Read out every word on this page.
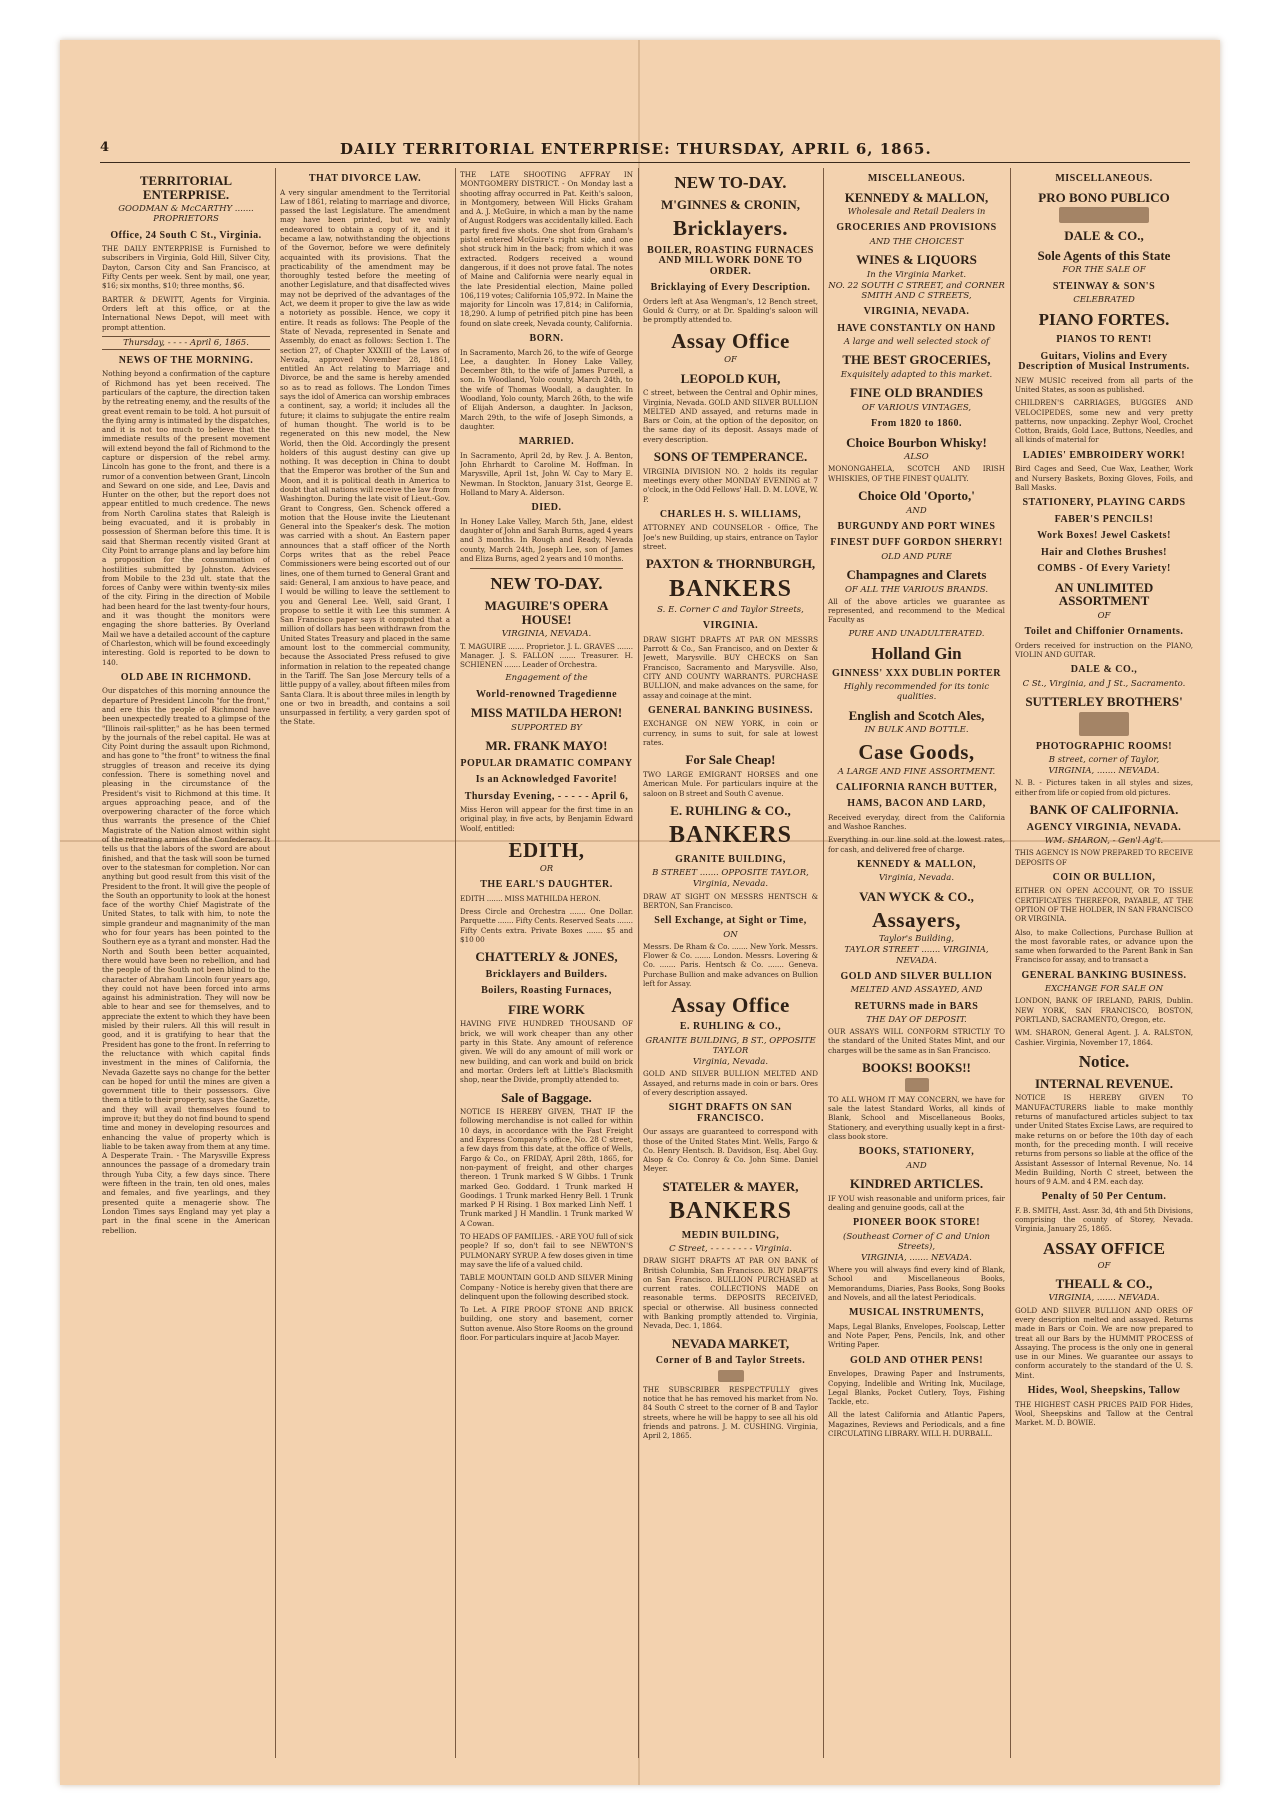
4	DAILY TERRITORIAL ENTERPRISE: THURSDAY, APRIL 6, 1865.
TERRITORIAL ENTERPRISE.
GOODMAN & McCARTHY ....... PROPRIETORS
Office, 24 South C St., Virginia.
THE DAILY ENTERPRISE is Furnished to subscribers in Virginia, Gold Hill, Silver City, Dayton, Carson City and San Francisco, at Fifty Cents per week. Sent by mail, one year, $16; six months, $10; three months, $6.
BARTER & DEWITT, Agents for Virginia. Orders left at this office, or at the International News Depot, will meet with prompt attention.
Thursday, - - - - April 6, 1865.
NEWS OF THE MORNING.
Nothing beyond a confirmation of the capture of Richmond has yet been received. The particulars of the capture, the direction taken by the retreating enemy, and the results of the great event remain to be told. A hot pursuit of the flying army is intimated by the dispatches, and it is not too much to believe that the immediate results of the present movement will extend beyond the fall of Richmond to the capture or dispersion of the rebel army. Lincoln has gone to the front, and there is a rumor of a convention between Grant, Lincoln and Seward on one side, and Lee, Davis and Hunter on the other, but the report does not appear entitled to much credence. The news from North Carolina states that Raleigh is being evacuated, and it is probably in possession of Sherman before this time. It is said that Sherman recently visited Grant at City Point to arrange plans and lay before him a proposition for the consummation of hostilities submitted by Johnston. Advices from Mobile to the 23d ult. state that the forces of Canby were within twenty-six miles of the city. Firing in the direction of Mobile had been heard for the last twenty-four hours, and it was thought the monitors were engaging the shore batteries. By Overland Mail we have a detailed account of the capture of Charleston, which will be found exceedingly interesting. Gold is reported to be down to 140.
OLD ABE IN RICHMOND.
Our dispatches of this morning announce the departure of President Lincoln "for the front," and ere this the people of Richmond have been unexpectedly treated to a glimpse of the "Illinois rail-splitter," as he has been termed by the journals of the rebel capital. He was at City Point during the assault upon Richmond, and has gone to "the front" to witness the final struggles of treason and receive its dying confession. There is something novel and pleasing in the circumstance of the President's visit to Richmond at this time. It argues approaching peace, and of the overpowering character of the force which thus warrants the presence of the Chief Magistrate of the Nation almost within sight of the retreating armies of the Confederacy. It tells us that the labors of the sword are about finished, and that the task will soon be turned over to the statesman for completion. Nor can anything but good result from this visit of the President to the front. It will give the people of the South an opportunity to look at the honest face of the worthy Chief Magistrate of the United States, to talk with him, to note the simple grandeur and magnanimity of the man who for four years has been pointed to the Southern eye as a tyrant and monster. Had the North and South been better acquainted, there would have been no rebellion, and had the people of the South not been blind to the character of Abraham Lincoln four years ago, they could not have been forced into arms against his administration. They will now be able to hear and see for themselves, and to appreciate the extent to which they have been misled by their rulers. All this will result in good, and it is gratifying to hear that the President has gone to the front. In referring to the reluctance with which capital finds investment in the mines of California, the Nevada Gazette says no change for the better can be hoped for until the mines are given a government title to their possessors. Give them a title to their property, says the Gazette, and they will avail themselves found to improve it; but they do not find bound to spend time and money in developing resources and enhancing the value of property which is liable to be taken away from them at any time. A Desperate Train. - The Marysville Express announces the passage of a dromedary train through Yuba City, a few days since. There were fifteen in the train, ten old ones, males and females, and five yearlings, and they presented quite a menagerie show. The London Times says England may yet play a part in the final scene in the American rebellion.
THAT DIVORCE LAW.
A very singular amendment to the Territorial Law of 1861, relating to marriage and divorce, passed the last Legislature. The amendment may have been printed, but we vainly endeavored to obtain a copy of it, and it became a law, notwithstanding the objections of the Governor, before we were definitely acquainted with its provisions. That the practicability of the amendment may be thoroughly tested before the meeting of another Legislature, and that disaffected wives may not be deprived of the advantages of the Act, we deem it proper to give the law as wide a notoriety as possible. Hence, we copy it entire. It reads as follows: The People of the State of Nevada, represented in Senate and Assembly, do enact as follows: Section 1. The section 27, of Chapter XXXIII of the Laws of Nevada, approved November 28, 1861, entitled An Act relating to Marriage and Divorce, be and the same is hereby amended so as to read as follows. The London Times says the idol of America can worship embraces a continent, say, a world; it includes all the future; it claims to subjugate the entire realm of human thought. The world is to be regenerated on this new model, the New World, then the Old. Accordingly the present holders of this august destiny can give up nothing. It was deception in China to doubt that the Emperor was brother of the Sun and Moon, and it is political death in America to doubt that all nations will receive the law from Washington. During the late visit of Lieut.-Gov. Grant to Congress, Gen. Schenck offered a motion that the House invite the Lieutenant General into the Speaker's desk. The motion was carried with a shout. An Eastern paper announces that a staff officer of the North Corps writes that as the rebel Peace Commissioners were being escorted out of our lines, one of them turned to General Grant and said: General, I am anxious to have peace, and I would be willing to leave the settlement to you and General Lee. Well, said Grant, I propose to settle it with Lee this summer. A San Francisco paper says it computed that a million of dollars has been withdrawn from the United States Treasury and placed in the same amount lost to the commercial community, because the Associated Press refused to give information in relation to the repeated change in the Tariff. The San Jose Mercury tells of a little puppy of a valley, about fifteen miles from Santa Clara. It is about three miles in length by one or two in breadth, and contains a soil unsurpassed in fertility, a very garden spot of the State.
THE LATE SHOOTING AFFRAY IN MONTGOMERY DISTRICT. - On Monday last a shooting affray occurred in Pat. Keith's saloon, in Montgomery, between Will Hicks Graham and A. J. McGuire, in which a man by the name of August Rodgers was accidentally killed. Each party fired five shots. One shot from Graham's pistol entered McGuire's right side, and one shot struck him in the back; from which it was extracted. Rodgers received a wound dangerous, if it does not prove fatal. The notes of Maine and California were nearly equal in the late Presidential election, Maine polled 106,119 votes; California 105,972. In Maine the majority for Lincoln was 17,814; in California, 18,290. A lump of petrified pitch pine has been found on slate creek, Nevada county, California.
BORN.
In Sacramento, March 26, to the wife of George Lee, a daughter. In Honey Lake Valley, December 8th, to the wife of James Purcell, a son. In Woodland, Yolo county, March 24th, to the wife of Thomas Woodall, a daughter. In Woodland, Yolo county, March 26th, to the wife of Elijah Anderson, a daughter. In Jackson, March 29th, to the wife of Joseph Simonds, a daughter.
MARRIED.
In Sacramento, April 2d, by Rev. J. A. Benton, John Ehrhardt to Caroline M. Hoffman. In Marysville, April 1st, John W. Cay to Mary E. Newman. In Stockton, January 31st, George E. Holland to Mary A. Alderson.
DIED.
In Honey Lake Valley, March 5th, Jane, eldest daughter of John and Sarah Burns, aged 4 years and 3 months. In Rough and Ready, Nevada county, March 24th, Joseph Lee, son of James and Eliza Burns, aged 2 years and 10 months.
NEW TO-DAY.
MAGUIRE'S OPERA HOUSE!
VIRGINIA, NEVADA.
T. MAGUIRE ....... Proprietor. J. L. GRAVES ....... Manager. J. S. FALLON ....... Treasurer. H. SCHIENEN ....... Leader of Orchestra.
Engagement of the
World-renowned Tragedienne
MISS MATILDA HERON!
SUPPORTED BY
MR. FRANK MAYO!
POPULAR DRAMATIC COMPANY
Is an Acknowledged Favorite!
Thursday Evening, - - - - - April 6,
Miss Heron will appear for the first time in an original play, in five acts, by Benjamin Edward Woolf, entitled:
EDITH,
OR
THE EARL'S DAUGHTER.
EDITH ....... MISS MATHILDA HERON.
Dress Circle and Orchestra ....... One Dollar. Parquette ....... Fifty Cents. Reserved Seats ....... Fifty Cents extra. Private Boxes ....... $5 and $10 00
CHATTERLY & JONES,
Bricklayers and Builders.
Boilers, Roasting Furnaces,
FIRE WORK
HAVING FIVE HUNDRED THOUSAND OF brick, we will work cheaper than any other party in this State. Any amount of reference given. We will do any amount of mill work or new building, and can work and build on brick and mortar. Orders left at Little's Blacksmith shop, near the Divide, promptly attended to.
Sale of Baggage.
NOTICE IS HEREBY GIVEN, THAT IF the following merchandise is not called for within 10 days, in accordance with the Fast Freight and Express Company's office, No. 28 C street, a few days from this date, at the office of Wells, Fargo & Co., on FRIDAY, April 28th, 1865, for non-payment of freight, and other charges thereon. 1 Trunk marked S W Gibbs. 1 Trunk marked Geo. Goddard. 1 Trunk marked H Goodings. 1 Trunk marked Henry Bell. 1 Trunk marked P H Rising. 1 Box marked Linh Neff. 1 Trunk marked J H Mandlin. 1 Trunk marked W A Cowan.
TO HEADS OF FAMILIES. - ARE YOU full of sick people? If so, don't fail to see NEWTON'S PULMONARY SYRUP. A few doses given in time may save the life of a valued child.
TABLE MOUNTAIN GOLD AND SILVER Mining Company - Notice is hereby given that there are delinquent upon the following described stock.
To Let. A FIRE PROOF STONE AND BRICK building, one story and basement, corner Sutton avenue. Also Store Rooms on the ground floor. For particulars inquire at Jacob Mayer.
NEW TO-DAY.
M'GINNES & CRONIN,
Bricklayers.
BOILER, ROASTING FURNACES AND MILL WORK DONE TO ORDER.
Bricklaying of Every Description.
Orders left at Asa Wengman's, 12 Bench street, Gould & Curry, or at Dr. Spalding's saloon will be promptly attended to.
Assay Office
OF
LEOPOLD KUH,
C street, between the Central and Ophir mines, Virginia, Nevada. GOLD AND SILVER BULLION MELTED AND assayed, and returns made in Bars or Coin, at the option of the depositor, on the same day of its deposit. Assays made of every description.
SONS OF TEMPERANCE.
VIRGINIA DIVISION NO. 2 holds its regular meetings every other MONDAY EVENING at 7 o'clock, in the Odd Fellows' Hall. D. M. LOVE, W. P.
CHARLES H. S. WILLIAMS,
ATTORNEY AND COUNSELOR - Office, The Joe's new Building, up stairs, entrance on Taylor street.
PAXTON & THORNBURGH,
BANKERS
S. E. Corner C and Taylor Streets,
VIRGINIA.
DRAW SIGHT DRAFTS AT PAR ON MESSRS Parrott & Co., San Francisco, and on Dexter & Jewett, Marysville. BUY CHECKS on San Francisco, Sacramento and Marysville. Also, CITY AND COUNTY WARRANTS. PURCHASE BULLION, and make advances on the same, for assay and coinage at the mint.
GENERAL BANKING BUSINESS.
EXCHANGE ON NEW YORK, in coin or currency, in sums to suit, for sale at lowest rates.
For Sale Cheap!
TWO LARGE EMIGRANT HORSES and one American Mule. For particulars inquire at the saloon on B street and South C avenue.
E. RUHLING & CO.,
BANKERS
GRANITE BUILDING,
B STREET ....... OPPOSITE TAYLOR,
Virginia, Nevada.
DRAW AT SIGHT ON MESSRS HENTSCH & BERTON, San Francisco.
Sell Exchange, at Sight or Time,
ON
Messrs. De Rham & Co. ....... New York. Messrs. Flower & Co. ....... London. Messrs. Lovering & Co. ....... Paris. Hentsch & Co. ....... Geneva. Purchase Bullion and make advances on Bullion left for Assay.
Assay Office
E. RUHLING & CO.,
GRANITE BUILDING, B ST., OPPOSITE TAYLOR
Virginia, Nevada.
GOLD AND SILVER BULLION MELTED AND Assayed, and returns made in coin or bars. Ores of every description assayed.
SIGHT DRAFTS ON SAN FRANCISCO.
Our assays are guaranteed to correspond with those of the United States Mint. Wells, Fargo & Co. Henry Hentsch. B. Davidson, Esq. Abel Guy. Alsop & Co. Conroy & Co. John Sime. Daniel Meyer.
STATELER & MAYER,
BANKERS
MEDIN BUILDING,
C Street, - - - - - - - - Virginia.
DRAW SIGHT DRAFTS AT PAR ON BANK of British Columbia, San Francisco. BUY DRAFTS on San Francisco. BULLION PURCHASED at current rates. COLLECTIONS MADE on reasonable terms. DEPOSITS RECEIVED, special or otherwise. All business connected with Banking promptly attended to. Virginia, Nevada, Dec. 1, 1864.
NEVADA MARKET,
Corner of B and Taylor Streets.
THE SUBSCRIBER RESPECTFULLY gives notice that he has removed his market from No. 84 South C street to the corner of B and Taylor streets, where he will be happy to see all his old friends and patrons. J. M. CUSHING. Virginia, April 2, 1865.
MISCELLANEOUS.
KENNEDY & MALLON,
Wholesale and Retail Dealers in
GROCERIES AND PROVISIONS
AND THE CHOICEST
WINES & LIQUORS
In the Virginia Market.
NO. 22 SOUTH C STREET, and CORNER SMITH AND C STREETS,
VIRGINIA, NEVADA.
HAVE CONSTANTLY ON HAND
A large and well selected stock of
THE BEST GROCERIES,
Exquisitely adapted to this market.
FINE OLD BRANDIES
OF VARIOUS VINTAGES,
From 1820 to 1860.
Choice Bourbon Whisky!
ALSO
MONONGAHELA, SCOTCH AND IRISH WHISKIES, OF THE FINEST QUALITY.
Choice Old 'Oporto,'
AND
BURGUNDY AND PORT WINES
FINEST DUFF GORDON SHERRY!
OLD AND PURE
Champagnes and Clarets
OF ALL THE VARIOUS BRANDS.
All of the above articles we guarantee as represented, and recommend to the Medical Faculty as
PURE AND UNADULTERATED.
Holland Gin
GINNESS' XXX DUBLIN PORTER
Highly recommended for its tonic qualities.
English and Scotch Ales,
IN BULK AND BOTTLE.
Case Goods,
A LARGE AND FINE ASSORTMENT.
CALIFORNIA RANCH BUTTER,
HAMS, BACON AND LARD,
Received everyday, direct from the California and Washoe Ranches.
Everything in our line sold at the lowest rates, for cash, and delivered free of charge.
KENNEDY & MALLON,
Virginia, Nevada.
VAN WYCK & CO.,
Assayers,
Taylor's Building,
TAYLOR STREET ....... VIRGINIA, NEVADA.
GOLD AND SILVER BULLION
MELTED AND ASSAYED, AND
RETURNS made in BARS
THE DAY OF DEPOSIT.
OUR ASSAYS WILL CONFORM STRICTLY TO the standard of the United States Mint, and our charges will be the same as in San Francisco.
BOOKS! BOOKS!!
TO ALL WHOM IT MAY CONCERN, we have for sale the latest Standard Works, all kinds of Blank, School and Miscellaneous Books, Stationery, and everything usually kept in a first-class book store.
BOOKS, STATIONERY,
AND
KINDRED ARTICLES.
IF YOU wish reasonable and uniform prices, fair dealing and genuine goods, call at the
PIONEER BOOK STORE!
(Southeast Corner of C and Union Streets),
VIRGINIA, ....... NEVADA.
Where you will always find every kind of Blank, School and Miscellaneous Books, Memorandums, Diaries, Pass Books, Song Books and Novels, and all the latest Periodicals.
MUSICAL INSTRUMENTS,
Maps, Legal Blanks, Envelopes, Foolscap, Letter and Note Paper, Pens, Pencils, Ink, and other Writing Paper.
GOLD AND OTHER PENS!
Envelopes, Drawing Paper and Instruments, Copying, Indelible and Writing Ink, Mucilage, Legal Blanks, Pocket Cutlery, Toys, Fishing Tackle, etc.
All the latest California and Atlantic Papers, Magazines, Reviews and Periodicals, and a fine CIRCULATING LIBRARY. WILL H. DURBALL.
MISCELLANEOUS.
PRO BONO PUBLICO
DALE & CO.,
Sole Agents of this State
FOR THE SALE OF
STEINWAY & SON'S
CELEBRATED
PIANO FORTES.
PIANOS TO RENT!
Guitars, Violins and Every Description of Musical Instruments.
NEW MUSIC received from all parts of the United States, as soon as published.
CHILDREN'S CARRIAGES, BUGGIES AND VELOCIPEDES, some new and very pretty patterns, now unpacking. Zephyr Wool, Crochet Cotton, Braids, Gold Lace, Buttons, Needles, and all kinds of material for
LADIES' EMBROIDERY WORK!
Bird Cages and Seed, Cue Wax, Leather, Work and Nursery Baskets, Boxing Gloves, Foils, and Ball Masks.
STATIONERY, PLAYING CARDS
FABER'S PENCILS!
Work Boxes! Jewel Caskets!
Hair and Clothes Brushes!
COMBS - Of Every Variety!
AN UNLIMITED ASSORTMENT
OF
Toilet and Chiffonier Ornaments.
Orders received for instruction on the PIANO, VIOLIN AND GUITAR.
DALE & CO.,
C St., Virginia, and J St., Sacramento.
SUTTERLEY BROTHERS'
PHOTOGRAPHIC ROOMS!
B street, corner of Taylor,
VIRGINIA, ....... NEVADA.
N. B. - Pictures taken in all styles and sizes, either from life or copied from old pictures.
BANK OF CALIFORNIA.
AGENCY VIRGINIA, NEVADA.
WM. SHARON, - Gen'l Ag't.
THIS AGENCY IS NOW PREPARED TO RECEIVE DEPOSITS OF
COIN OR BULLION,
EITHER ON OPEN ACCOUNT, OR TO ISSUE CERTIFICATES THEREFOR, PAYABLE, AT THE OPTION OF THE HOLDER, IN SAN FRANCISCO OR VIRGINIA.
Also, to make Collections, Purchase Bullion at the most favorable rates, or advance upon the same when forwarded to the Parent Bank in San Francisco for assay, and to transact a
GENERAL BANKING BUSINESS.
EXCHANGE FOR SALE ON
LONDON, BANK OF IRELAND, PARIS, Dublin. NEW YORK, SAN FRANCISCO, BOSTON, PORTLAND, SACRAMENTO, Oregon, etc.
WM. SHARON, General Agent. J. A. RALSTON, Cashier. Virginia, November 17, 1864.
Notice.
INTERNAL REVENUE.
NOTICE IS HEREBY GIVEN TO MANUFACTURERS liable to make monthly returns of manufactured articles subject to tax under United States Excise Laws, are required to make returns on or before the 10th day of each month, for the preceding month. I will receive returns from persons so liable at the office of the Assistant Assessor of Internal Revenue, No. 14 Medin Building, North C street, between the hours of 9 A.M. and 4 P.M. each day.
Penalty of 50 Per Centum.
F. B. SMITH, Asst. Assr. 3d, 4th and 5th Divisions, comprising the county of Storey, Nevada. Virginia, January 25, 1865.
ASSAY OFFICE
OF
THEALL & CO.,
VIRGINIA, ....... NEVADA.
GOLD AND SILVER BULLION AND ORES OF every description melted and assayed. Returns made in Bars or Coin. We are now prepared to treat all our Bars by the HUMMIT PROCESS of Assaying. The process is the only one in general use in our Mines. We guarantee our assays to conform accurately to the standard of the U. S. Mint.
Hides, Wool, Sheepskins, Tallow
THE HIGHEST CASH PRICES PAID FOR Hides, Wool, Sheepskins and Tallow at the Central Market. M. D. BOWIE.
